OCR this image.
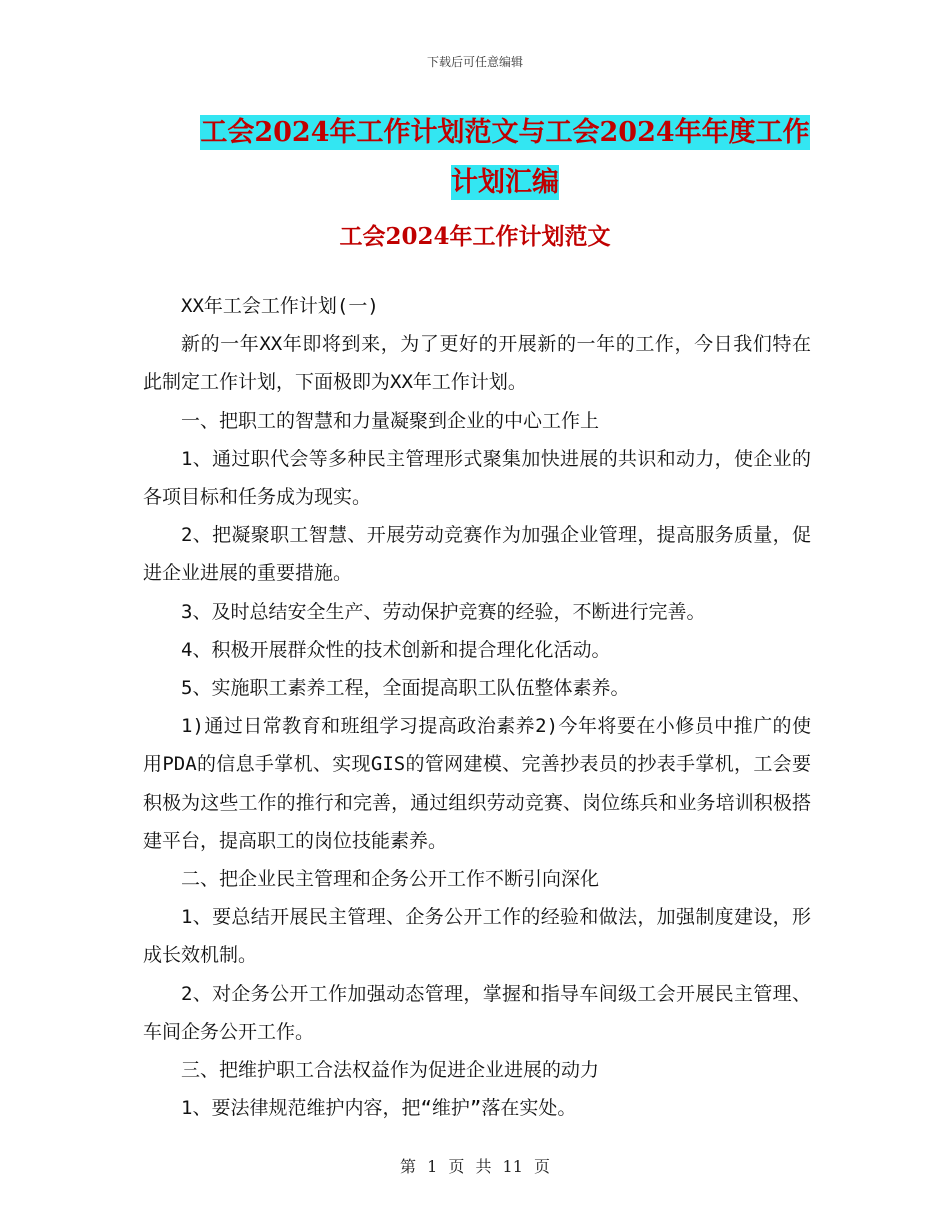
下载后可任意编辑
工会2024年工作计划范文与工会2024年年度工作计划汇编
工会2024年工作计划范文

XX年工会工作计划(一)

新的一年XX年即将到来，为了更好的开展新的一年的工作，今日我们特在此制定工作计划，下面极即为XX年工作计划。

一、把职工的智慧和力量凝聚到企业的中心工作上

1、通过职代会等多种民主管理形式聚集加快进展的共识和动力，使企业的各项目标和任务成为现实。

2、把凝聚职工智慧、开展劳动竞赛作为加强企业管理，提高服务质量，促进企业进展的重要措施。

3、及时总结安全生产、劳动保护竞赛的经验，不断进行完善。

4、积极开展群众性的技术创新和提合理化化活动。

5、实施职工素养工程，全面提高职工队伍整体素养。

1)通过日常教育和班组学习提高政治素养2)今年将要在小修员中推广的使用PDA的信息手掌机、实现GIS的管网建模、完善抄表员的抄表手掌机，工会要积极为这些工作的推行和完善，通过组织劳动竞赛、岗位练兵和业务培训积极搭建平台，提高职工的岗位技能素养。

二、把企业民主管理和企务公开工作不断引向深化

1、要总结开展民主管理、企务公开工作的经验和做法，加强制度建设，形成长效机制。

2、对企务公开工作加强动态管理，掌握和指导车间级工会开展民主管理、车间企务公开工作。

三、把维护职工合法权益作为促进企业进展的动力

1、要法律规范维护内容，把“维护”落在实处。

第 1 页 共 11 页
